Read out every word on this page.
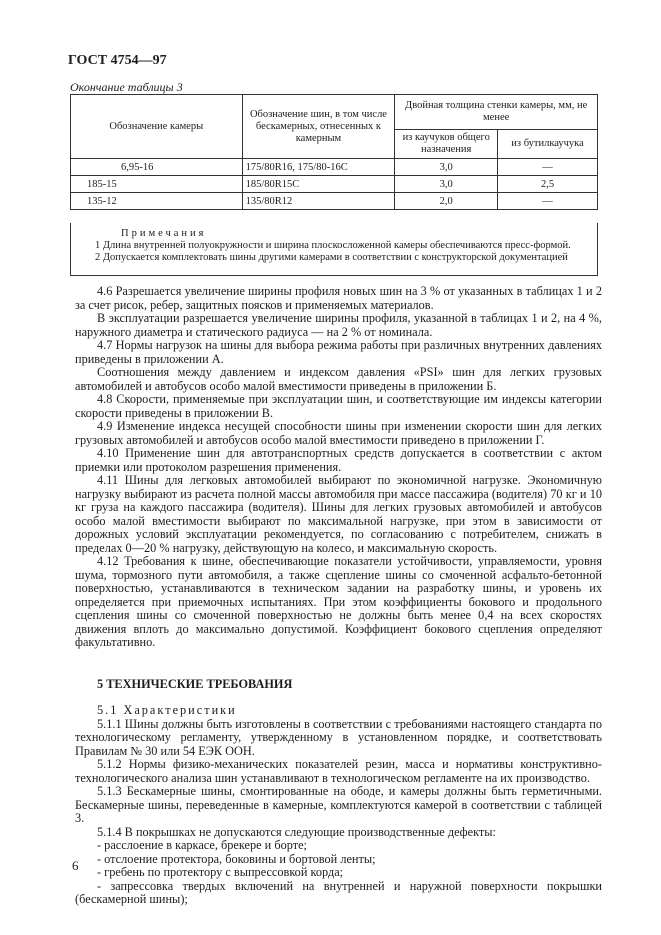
ГОСТ 4754—97
Окончание таблицы 3
Обозначение камеры	Обозначение шин, в том числе бескамерных, отнесенных к камерным	Двойная толщина стенки камеры, мм, не менее	
		из каучуков общего назначения	из бутилкаучука
6,95-16	175/80R16, 175/80-16C	3,0	—
185-15	185/80R15C	3,0	2,5
135-12	135/80R12	2,0	—
Примечания
1 Длина внутренней полуокружности и ширина плоскосложенной камеры обеспечиваются пресс-формой.
2 Допускается комплектовать шины другими камерами в соответствии с конструкторской документацией

4.6 Разрешается увеличение ширины профиля новых шин на 3 % от указанных в таблицах 1 и 2 за счет рисок, ребер, защитных поясков и применяемых материалов.

В эксплуатации разрешается увеличение ширины профиля, указанной в таблицах 1 и 2, на 4 %, наружного диаметра и статического радиуса — на 2 % от номинала.

4.7 Нормы нагрузок на шины для выбора режима работы при различных внутренних давлениях приведены в приложении А.

Соотношения между давлением и индексом давления «PSI» шин для легких грузовых автомобилей и автобусов особо малой вместимости приведены в приложении Б.

4.8 Скорости, применяемые при эксплуатации шин, и соответствующие им индексы категории скорости приведены в приложении В.

4.9 Изменение индекса несущей способности шины при изменении скорости шин для легких грузовых автомобилей и автобусов особо малой вместимости приведено в приложении Г.

4.10 Применение шин для автотранспортных средств допускается в соответствии с актом приемки или протоколом разрешения применения.

4.11 Шины для легковых автомобилей выбирают по экономичной нагрузке. Экономичную нагрузку выбирают из расчета полной массы автомобиля при массе пассажира (водителя) 70 кг и 10 кг груза на каждого пассажира (водителя). Шины для легких грузовых автомобилей и автобусов особо малой вместимости выбирают по максимальной нагрузке, при этом в зависимости от дорожных условий эксплуатации рекомендуется, по согласованию с потребителем, снижать в пределах 0—20 % нагрузку, действующую на колесо, и максимальную скорость.

4.12 Требования к шине, обеспечивающие показатели устойчивости, управляемости, уровня шума, тормозного пути автомобиля, а также сцепление шины со смоченной асфальто-бетонной поверхностью, устанавливаются в техническом задании на разработку шины, и уровень их определяется при приемочных испытаниях. При этом коэффициенты бокового и продольного сцепления шины со смоченной поверхностью не должны быть менее 0,4 на всех скоростях движения вплоть до максимально допустимой. Коэффициент бокового сцепления определяют факультативно.

5 ТЕХНИЧЕСКИЕ ТРЕБОВАНИЯ

5.1 Характеристики

5.1.1 Шины должны быть изготовлены в соответствии с требованиями настоящего стандарта по технологическому регламенту, утвержденному в установленном порядке, и соответствовать Правилам № 30 или 54 ЕЭК ООН.

5.1.2 Нормы физико-механических показателей резин, масса и нормативы конструктивно-технологического анализа шин устанавливают в технологическом регламенте на их производство.

5.1.3 Бескамерные шины, смонтированные на ободе, и камеры должны быть герметичными. Бескамерные шины, переведенные в камерные, комплектуются камерой в соответствии с таблицей 3.

5.1.4 В покрышках не допускаются следующие производственные дефекты:

- расслоение в каркасе, брекере и борте;

- отслоение протектора, боковины и бортовой ленты;

- гребень по протектору с выпрессовкой корда;

- запрессовка твердых включений на внутренней и наружной поверхности покрышки (бескамерной шины);

6
